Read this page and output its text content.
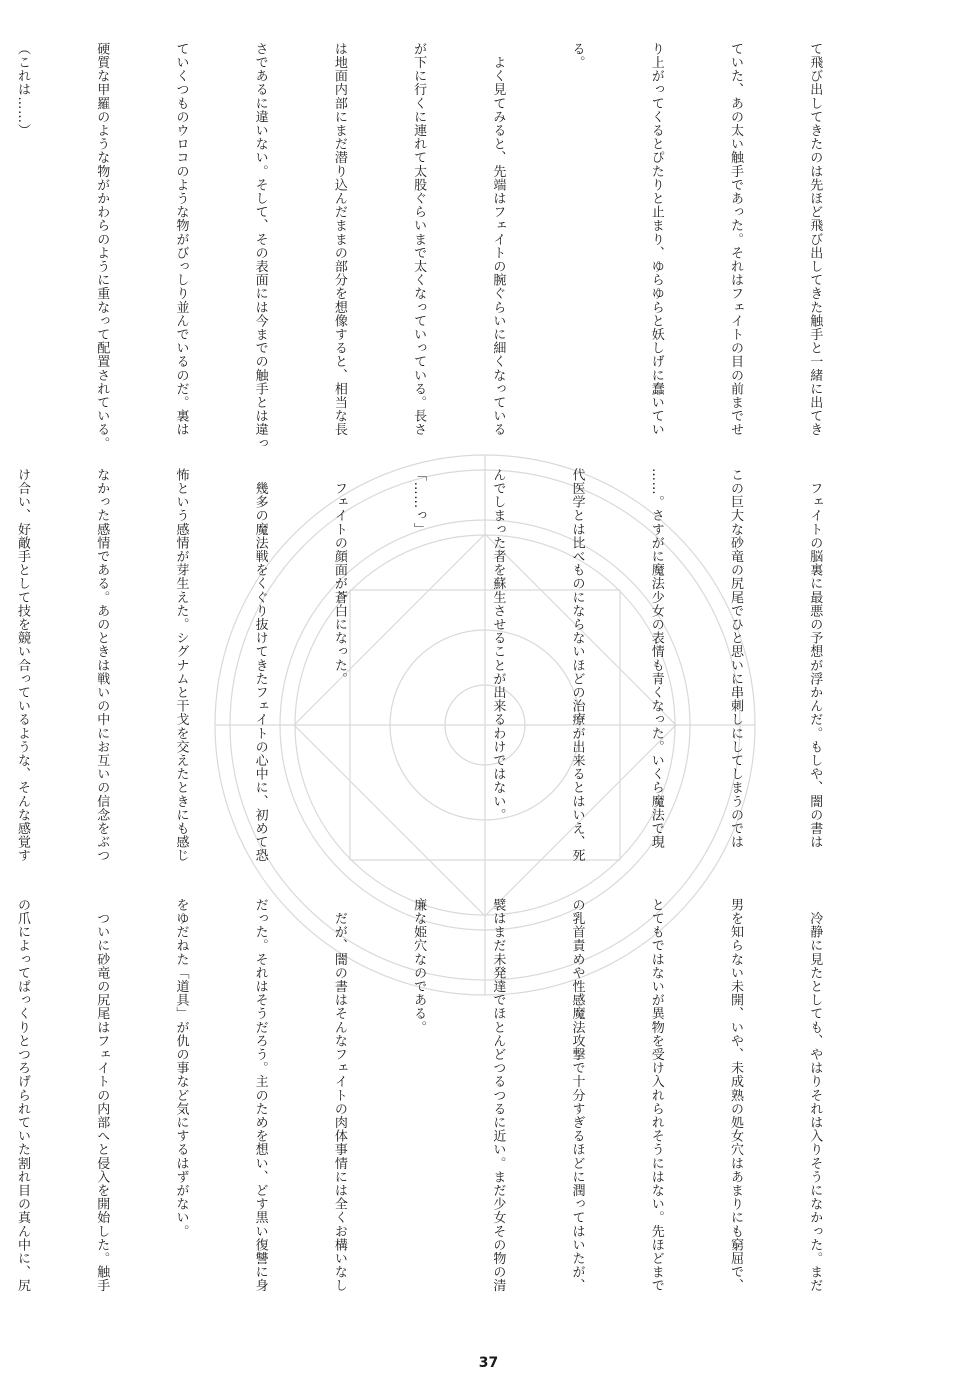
て飛び出してきたのは先ほど飛び出してきた触手と一緒に出てき

ていた、あの太い触手であった。それはフェイトの目の前までせ

り上がってくるとぴたりと止まり、ゆらゆらと妖しげに蠢いてい

る。

　よく見てみると、先端はフェイトの腕ぐらいに細くなっている

が下に行くに連れて太股ぐらいまで太くなっていっている。長さ

は地面内部にまだ潜り込んだままの部分を想像すると、相当な長

さであるに違いない。そして、その表面には今までの触手とは違っ

ていくつものウロコのような物がびっしり並んでいるのだ。裏は

硬質な甲羅のような物がかわらのように重なって配置されている。

（これは……）

　フェイトの脳裏に最悪の予想が浮かんだ。もしや、闇の書は

この巨大な砂竜の尻尾でひと思いに串刺しにしてしまうのでは

……。さすがに魔法少女の表情も青くなった。いくら魔法で現

代医学とは比べものにならないほどの治療が出来るとはいえ、死

んでしまった者を蘇生させることが出来るわけではない。

「……っ」

　フェイトの顔面が蒼白になった。

　幾多の魔法戦をくぐり抜けてきたフェイトの心中に、初めて恐

怖という感情が芽生えた。シグナムと干戈を交えたときにも感じ

なかった感情である。あのときは戦いの中にお互いの信念をぶつ

け合い、好敵手として技を競い合っているような、そんな感覚す

　冷静に見たとしても、やはりそれは入りそうになかった。まだ

男を知らない未開、いや、未成熟の処女穴はあまりにも窮屈で、

とてもではないが異物を受け入れられそうにはない。先ほどまで

の乳首責めや性感魔法攻撃で十分すぎるほどに潤ってはいたが、

襞はまだ未発達でほとんどつるつるに近い。まだ少女その物の清

廉な姫穴なのである。

　だが、闇の書はそんなフェイトの肉体事情には全くお構いなし

だった。それはそうだろう。主のためを想い、どす黒い復讐に身

をゆだねた「道具」が仇の事など気にするはずがない。

　ついに砂竜の尻尾はフェイトの内部へと侵入を開始した。触手

の爪によってぱっくりとつろげられていた割れ目の真ん中に、尻

37
